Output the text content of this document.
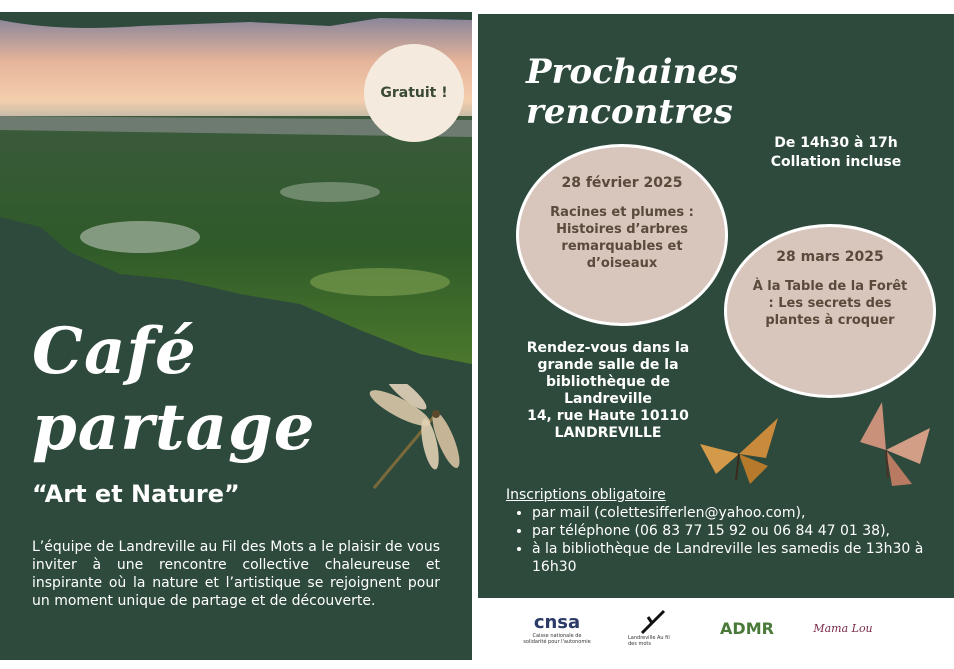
Gratuit !
Café
partage
“Art et Nature”
L’équipe de Landreville au Fil des Mots a le plaisir de vous inviter à une rencontre collective chaleureuse et inspirante où la nature et l’artistique se rejoignent pour un moment unique de partage et de découverte.
Prochaines rencontres
De 14h30 à 17h
Collation incluse
28 février 2025
Racines et plumes : Histoires d’arbres remarquables et d’oiseaux	28 mars 2025
À la Table de la Forêt : Les secrets des plantes à croquer
Rendez-vous dans la grande salle de la bibliothèque de Landreville
14, rue Haute 10110
LANDREVILLE
Inscriptions obligatoire
• par mail (colettesifferlen@yahoo.com),
• par téléphone (06 83 77 15 92 ou 06 84 47 01 38),
• à la bibliothèque de Landreville les samedis de 13h30 à 16h30
cnsa
Caisse nationale de solidarité pour l'autonomie
Landreville Au fil des mots
ADMR	Mama Lou
